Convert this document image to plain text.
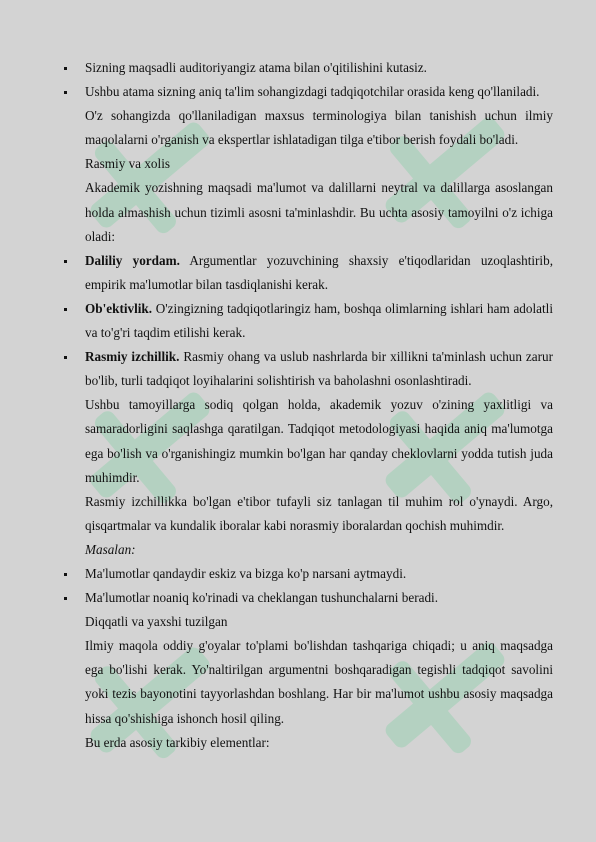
Sizning maqsadli auditoriyangiz atama bilan o'qitilishini kutasiz.
Ushbu atama sizning aniq ta'lim sohangizdagi tadqiqotchilar orasida keng qo'llaniladi.
O'z sohangizda qo'llaniladigan maxsus terminologiya bilan tanishish uchun ilmiy maqolalarni o'rganish va ekspertlar ishlatadigan tilga e'tibor berish foydali bo'ladi.
Rasmiy va xolis
Akademik yozishning maqsadi ma'lumot va dalillarni neytral va dalillarga asoslangan holda almashish uchun tizimli asosni ta'minlashdir. Bu uchta asosiy tamoyilni o'z ichiga oladi:
Daliliy yordam. Argumentlar yozuvchining shaxsiy e'tiqodlaridan uzoqlashtirib, empirik ma'lumotlar bilan tasdiqlanishi kerak.
Ob'ektivlik. O'zingizning tadqiqotlaringiz ham, boshqa olimlarning ishlari ham adolatli va to'g'ri taqdim etilishi kerak.
Rasmiy izchillik. Rasmiy ohang va uslub nashrlarda bir xillikni ta'minlash uchun zarur bo'lib, turli tadqiqot loyihalarini solishtirish va baholashni osonlashtiradi.
Ushbu tamoyillarga sodiq qolgan holda, akademik yozuv o'zining yaxlitligi va samaradorligini saqlashga qaratilgan. Tadqiqot metodologiyasi haqida aniq ma'lumotga ega bo'lish va o'rganishingiz mumkin bo'lgan har qanday cheklovlarni yodda tutish juda muhimdir.
Rasmiy izchillikka bo'lgan e'tibor tufayli siz tanlagan til muhim rol o'ynaydi. Argo, qisqartmalar va kundalik iboralar kabi norasmiy iboralardan qochish muhimdir.
Masalan:
Ma'lumotlar qandaydir eskiz va bizga ko'p narsani aytmaydi.
Ma'lumotlar noaniq ko'rinadi va cheklangan tushunchalarni beradi.
Diqqatli va yaxshi tuzilgan
Ilmiy maqola oddiy g'oyalar to'plami bo'lishdan tashqariga chiqadi; u aniq maqsadga ega bo'lishi kerak. Yo'naltirilgan argumentni boshqaradigan tegishli tadqiqot savolini yoki tezis bayonotini tayyorlashdan boshlang. Har bir ma'lumot ushbu asosiy maqsadga hissa qo'shishiga ishonch hosil qiling.
Bu erda asosiy tarkibiy elementlar:
